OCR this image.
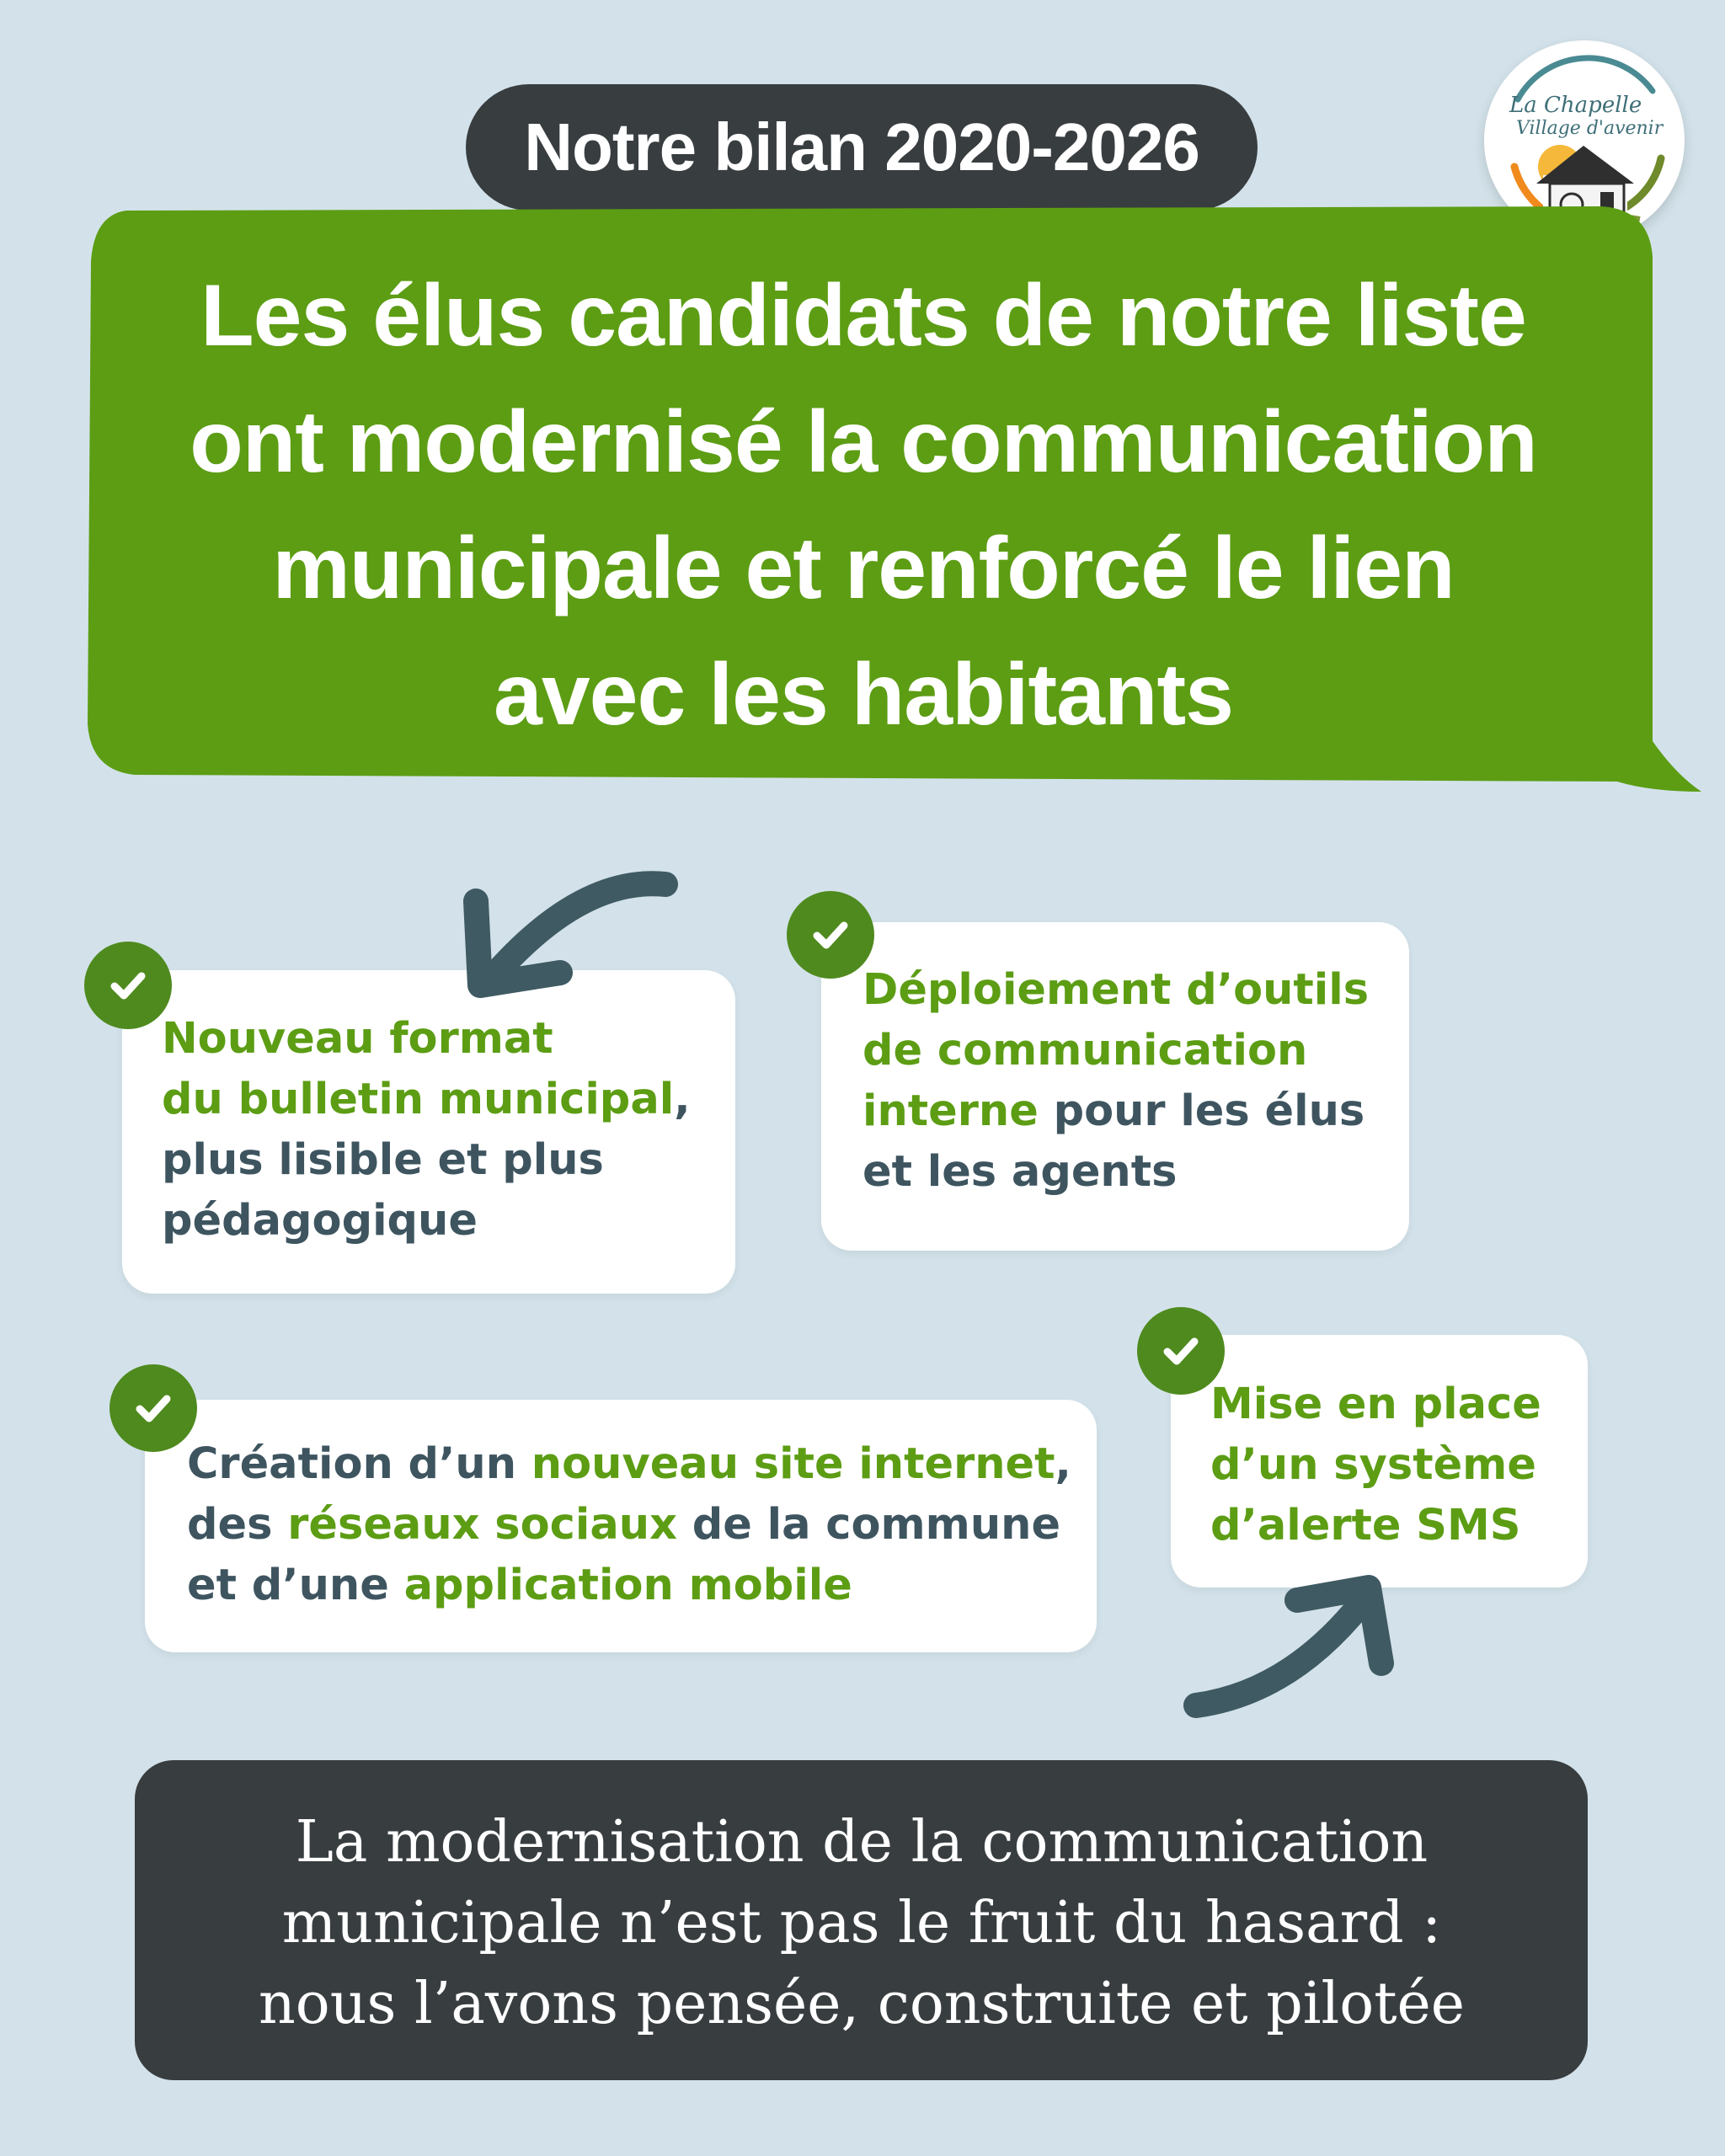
Notre bilan 2020-2026
La Chapelle
Village d'avenir
Les élus candidats de notre liste
ont modernisé la communication
municipale et renforcé le lien
avec les habitants
Nouveau format
du bulletin municipal,
plus lisible et plus
pédagogique
Déploiement d’outils
de communication
interne pour les élus
et les agents
Création d’un nouveau site internet,
des réseaux sociaux de la commune
et d’une application mobile
Mise en place
d’un système
d’alerte SMS
La modernisation de la communication
municipale n’est pas le fruit du hasard :
nous l’avons pensée, construite et pilotée
